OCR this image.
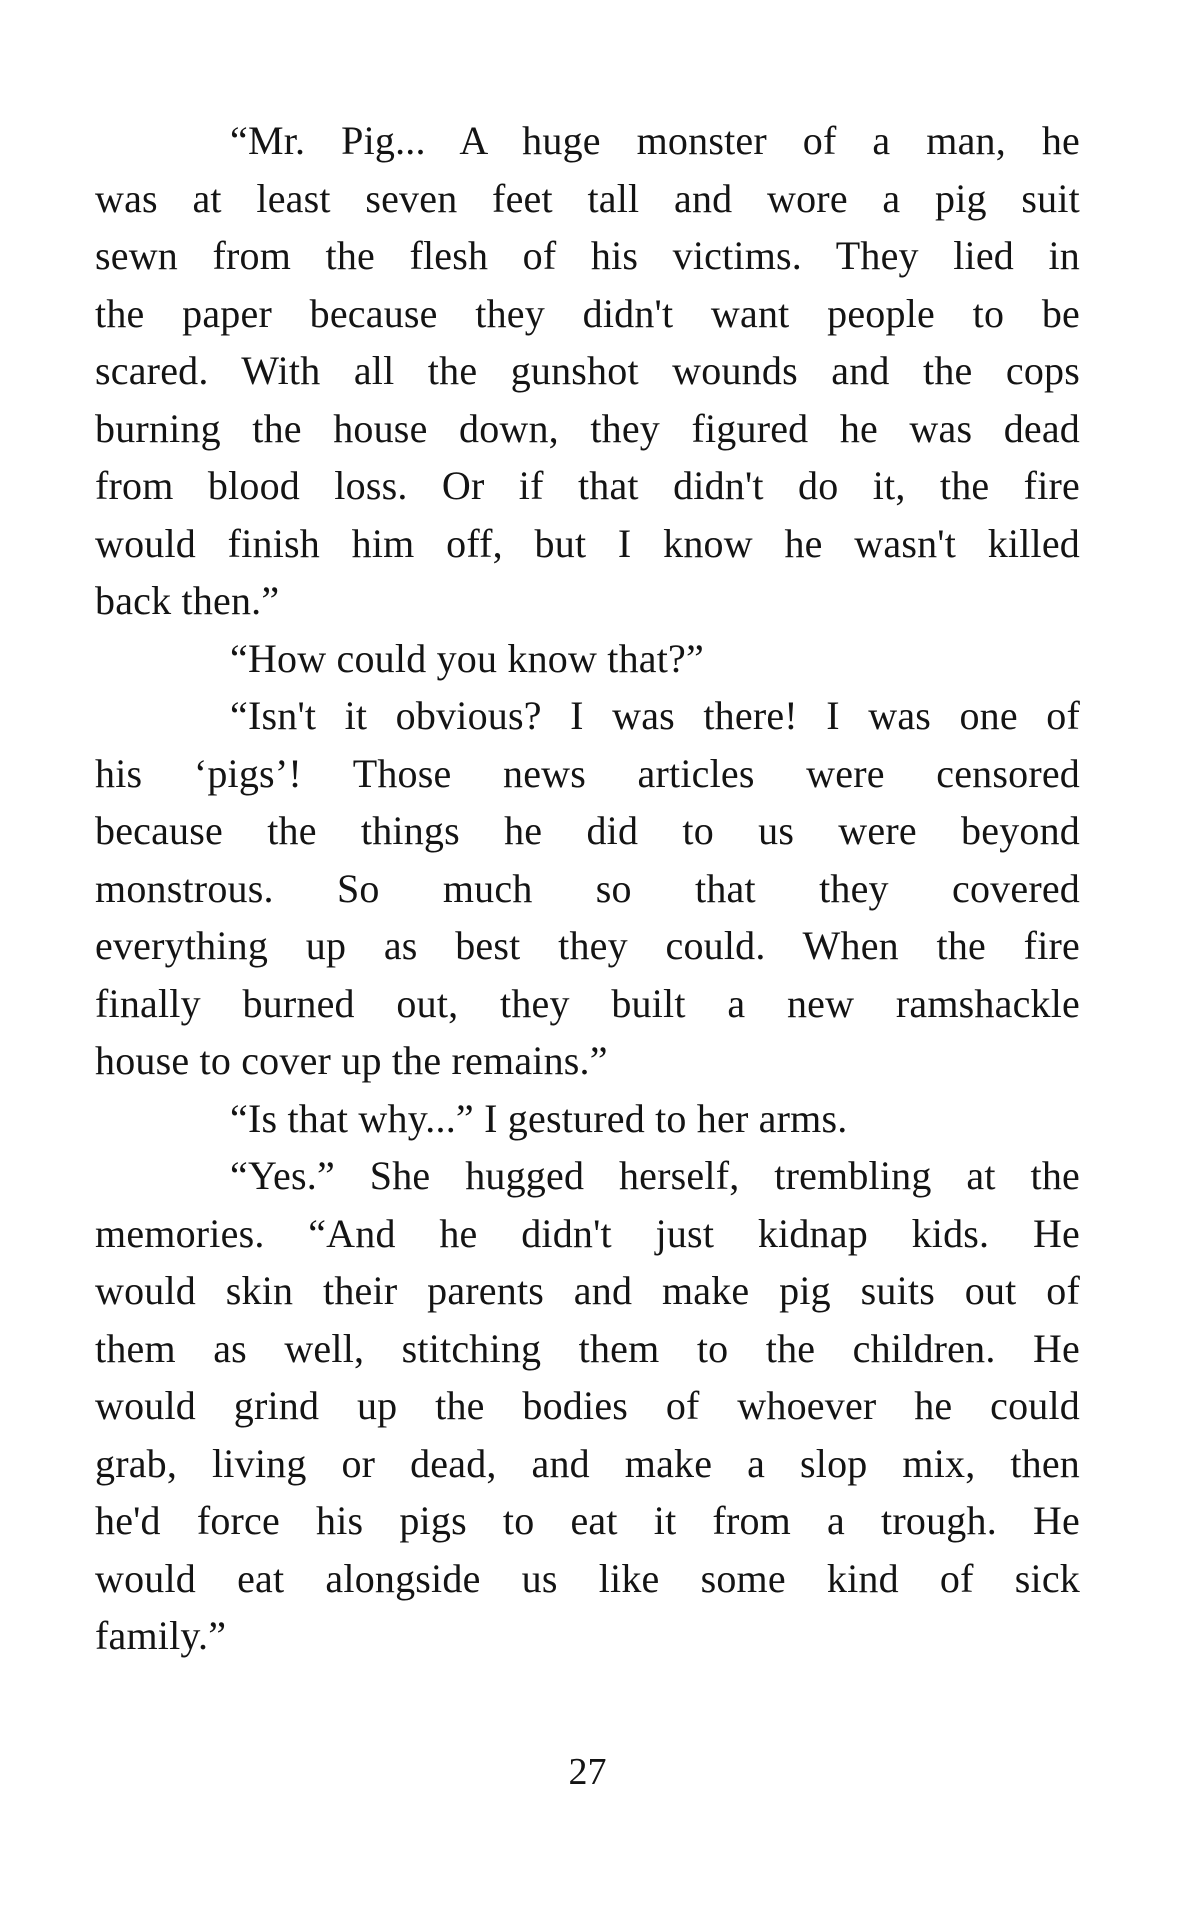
“Mr. Pig... A huge monster of a man, he
was at least seven feet tall and wore a pig suit
sewn from the flesh of his victims. They lied in
the paper because they didn't want people to be
scared. With all the gunshot wounds and the cops
burning the house down, they figured he was dead
from blood loss. Or if that didn't do it, the fire
would finish him off, but I know he wasn't killed
back then.”
“How could you know that?”
“Isn't it obvious? I was there! I was one of
his ‘pigs’! Those news articles were censored
because the things he did to us were beyond
monstrous. So much so that they covered
everything up as best they could. When the fire
finally burned out, they built a new ramshackle
house to cover up the remains.”
“Is that why...” I gestured to her arms.
“Yes.” She hugged herself, trembling at the
memories. “And he didn't just kidnap kids. He
would skin their parents and make pig suits out of
them as well, stitching them to the children. He
would grind up the bodies of whoever he could
grab, living or dead, and make a slop mix, then
he'd force his pigs to eat it from a trough. He
would eat alongside us like some kind of sick
family.”
27
